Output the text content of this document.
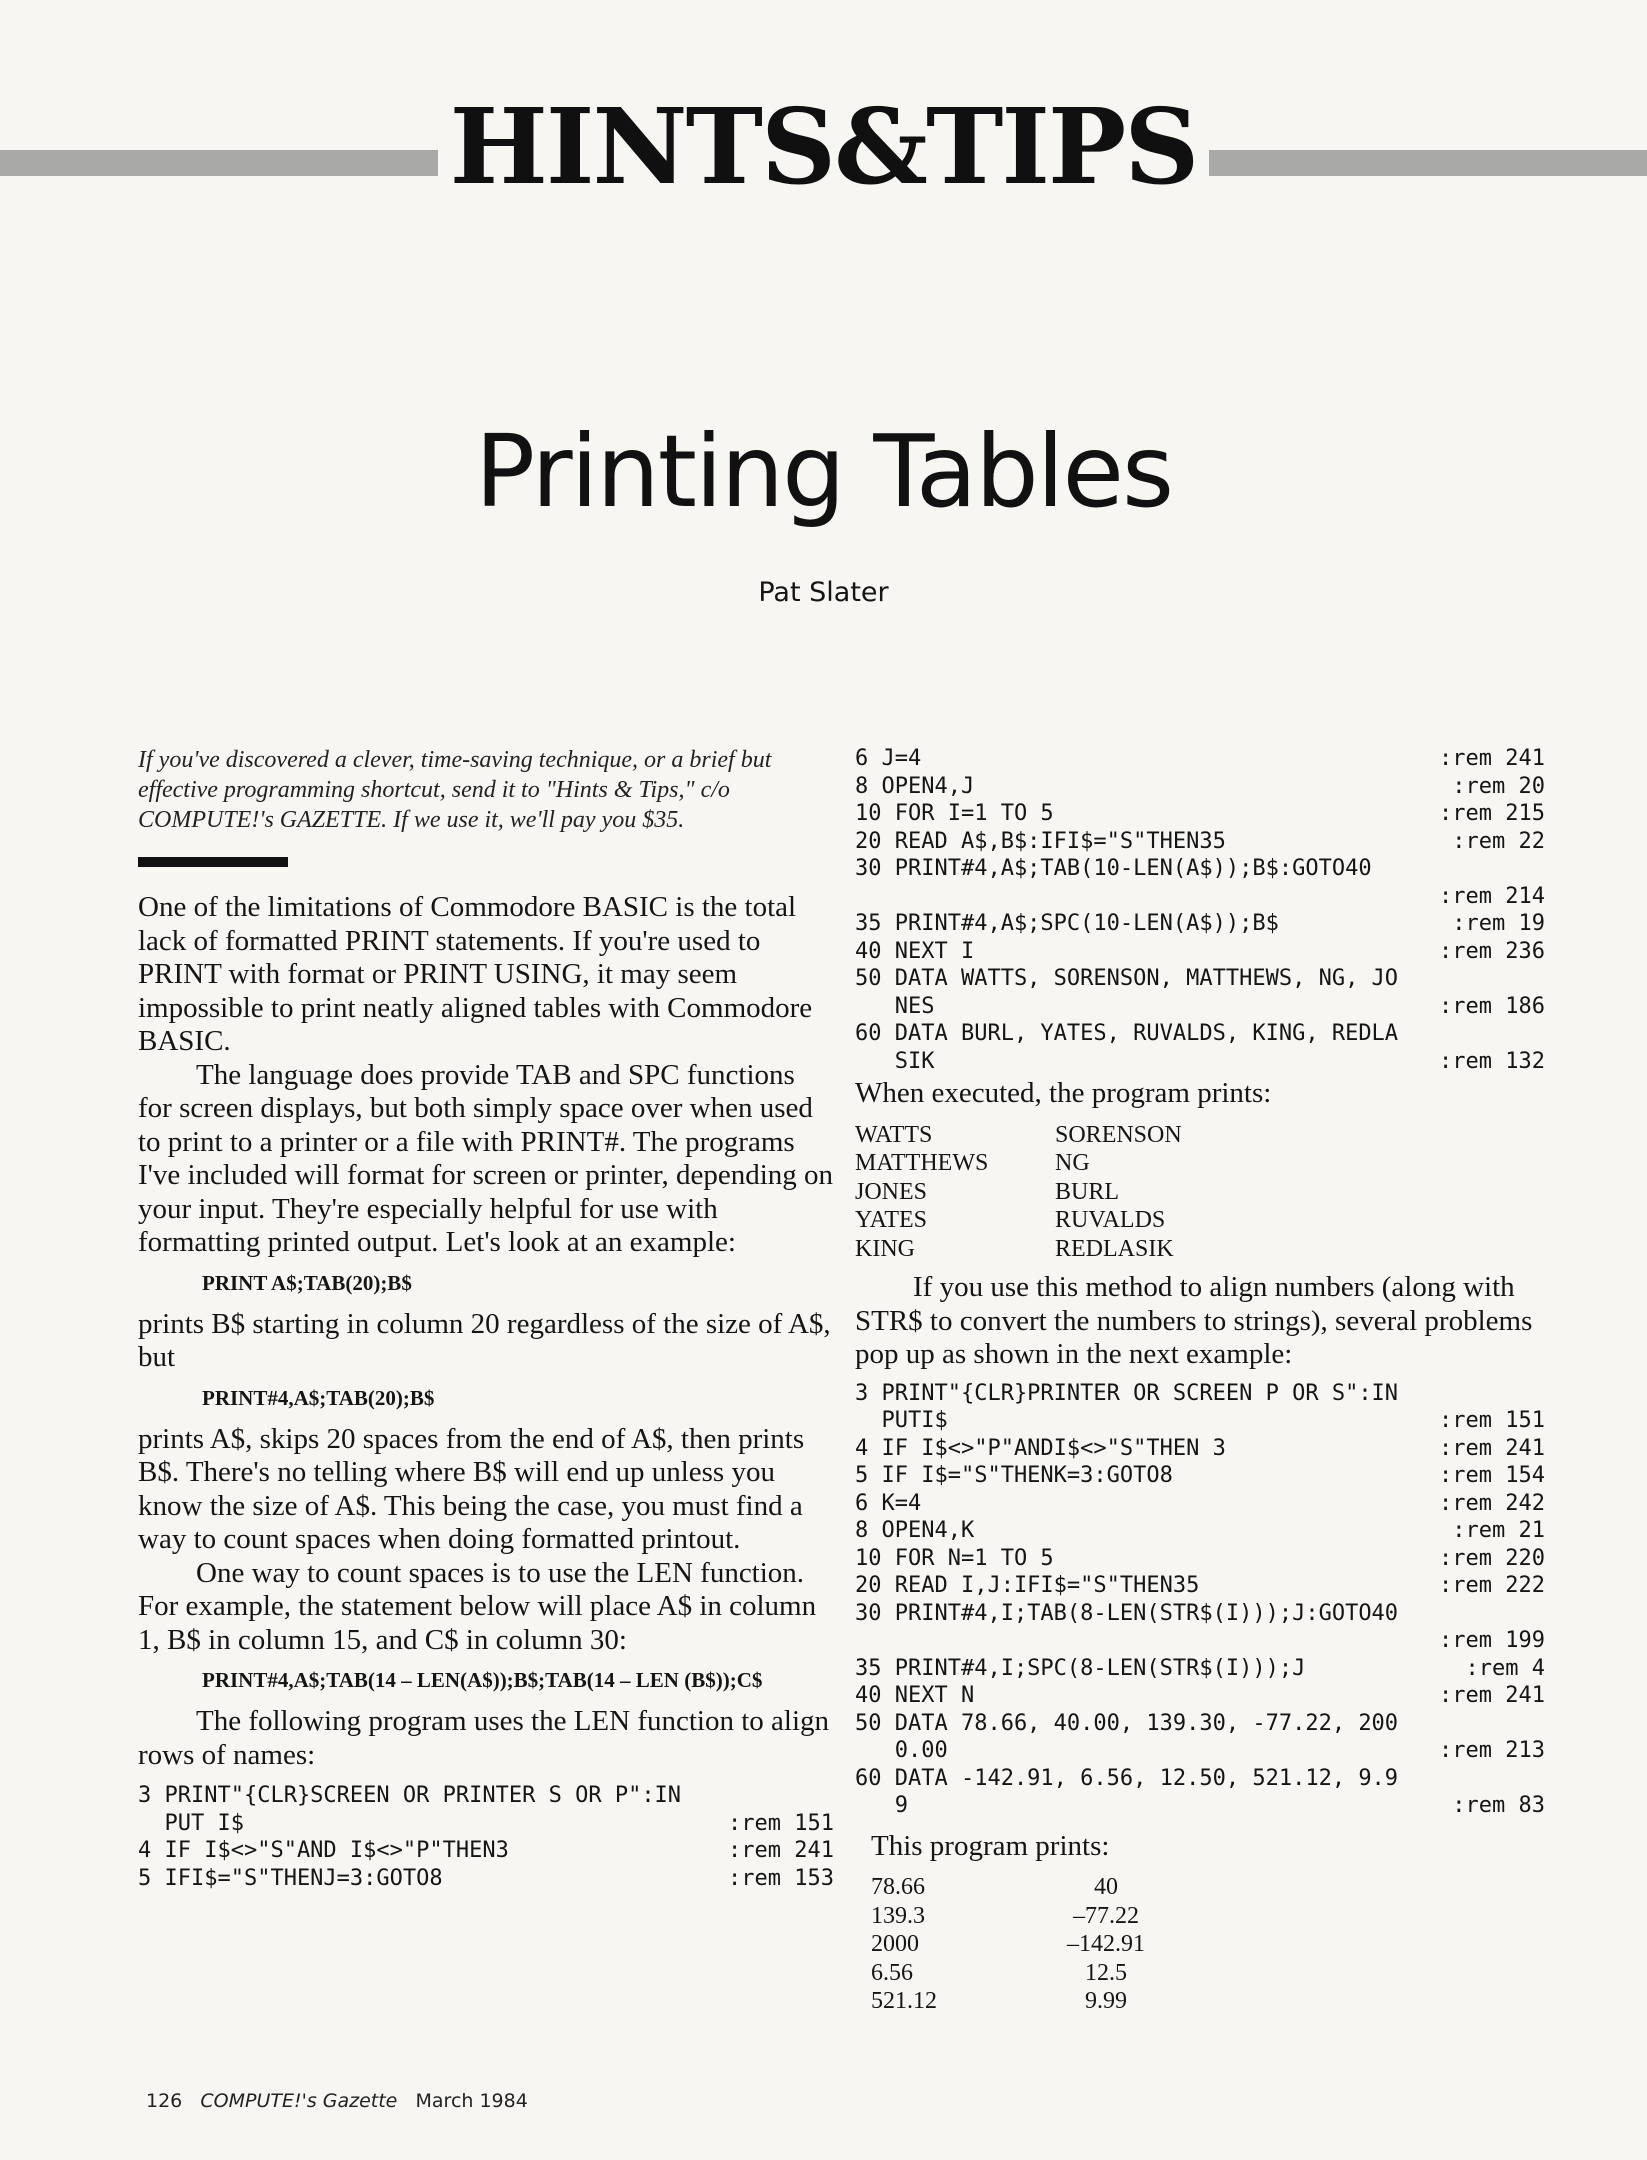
HINTS&TIPS
Printing Tables
Pat Slater

If you've discovered a clever, time-saving technique, or a brief but effective programming shortcut, send it to "Hints & Tips," c/o COMPUTE!'s GAZETTE. If we use it, we'll pay you $35.

One of the limitations of Commodore BASIC is the total lack of formatted PRINT statements. If you're used to PRINT with format or PRINT USING, it may seem impossible to print neatly aligned tables with Commodore BASIC.

The language does provide TAB and SPC functions for screen displays, but both simply space over when used to print to a printer or a file with PRINT#. The programs I've included will format for screen or printer, depending on your input. They're especially helpful for use with formatting printed output. Let's look at an example:

PRINT A$;TAB(20);B$

prints B$ starting in column 20 regardless of the size of A$, but

PRINT#4,A$;TAB(20);B$

prints A$, skips 20 spaces from the end of A$, then prints B$. There's no telling where B$ will end up unless you know the size of A$. This being the case, you must find a way to count spaces when doing formatted printout.

One way to count spaces is to use the LEN function. For example, the statement below will place A$ in column 1, B$ in column 15, and C$ in column 30:

PRINT#4,A$;TAB(14 – LEN(A$));B$;TAB(14 – LEN (B$));C$

The following program uses the LEN function to align rows of names:

3 PRINT"{CLR}SCREEN OR PRINTER S OR P":IN
PUT I$	:rem 151
4 IF I$<>"S"AND I$<>"P"THEN3	:rem 241
5 IFI$="S"THENJ=3:GOTO8	:rem 153
6 J=4	:rem 241
8 OPEN4,J	:rem 20
10 FOR I=1 TO 5	:rem 215
20 READ A$,B$:IFI$="S"THEN35	:rem 22
30 PRINT#4,A$;TAB(10-LEN(A$));B$:GOTO40
:rem 214
35 PRINT#4,A$;SPC(10-LEN(A$));B$	:rem 19
40 NEXT I	:rem 236
50 DATA WATTS, SORENSON, MATTHEWS, NG, JO
NES	:rem 186
60 DATA BURL, YATES, RUVALDS, KING, REDLA
SIK	:rem 132

When executed, the program prints:

WATTS	SORENSON
MATTHEWS	NG
JONES	BURL
YATES	RUVALDS
KING	REDLASIK

If you use this method to align numbers (along with STR$ to convert the numbers to strings), several problems pop up as shown in the next example:

3 PRINT"{CLR}PRINTER OR SCREEN P OR S":IN
PUTI$	:rem 151
4 IF I$<>"P"ANDI$<>"S"THEN 3	:rem 241
5 IF I$="S"THENK=3:GOTO8	:rem 154
6 K=4	:rem 242
8 OPEN4,K	:rem 21
10 FOR N=1 TO 5	:rem 220
20 READ I,J:IFI$="S"THEN35	:rem 222
30 PRINT#4,I;TAB(8-LEN(STR$(I)));J:GOTO40
:rem 199
35 PRINT#4,I;SPC(8-LEN(STR$(I)));J	:rem 4
40 NEXT N	:rem 241
50 DATA 78.66, 40.00, 139.30, -77.22, 200
0.00	:rem 213
60 DATA -142.91, 6.56, 12.50, 521.12, 9.9
9	:rem 83

This program prints:

78.66	40
139.3	–77.22
2000	–142.91
6.56	12.5
521.12	9.99
126 COMPUTE!'s Gazette March 1984
